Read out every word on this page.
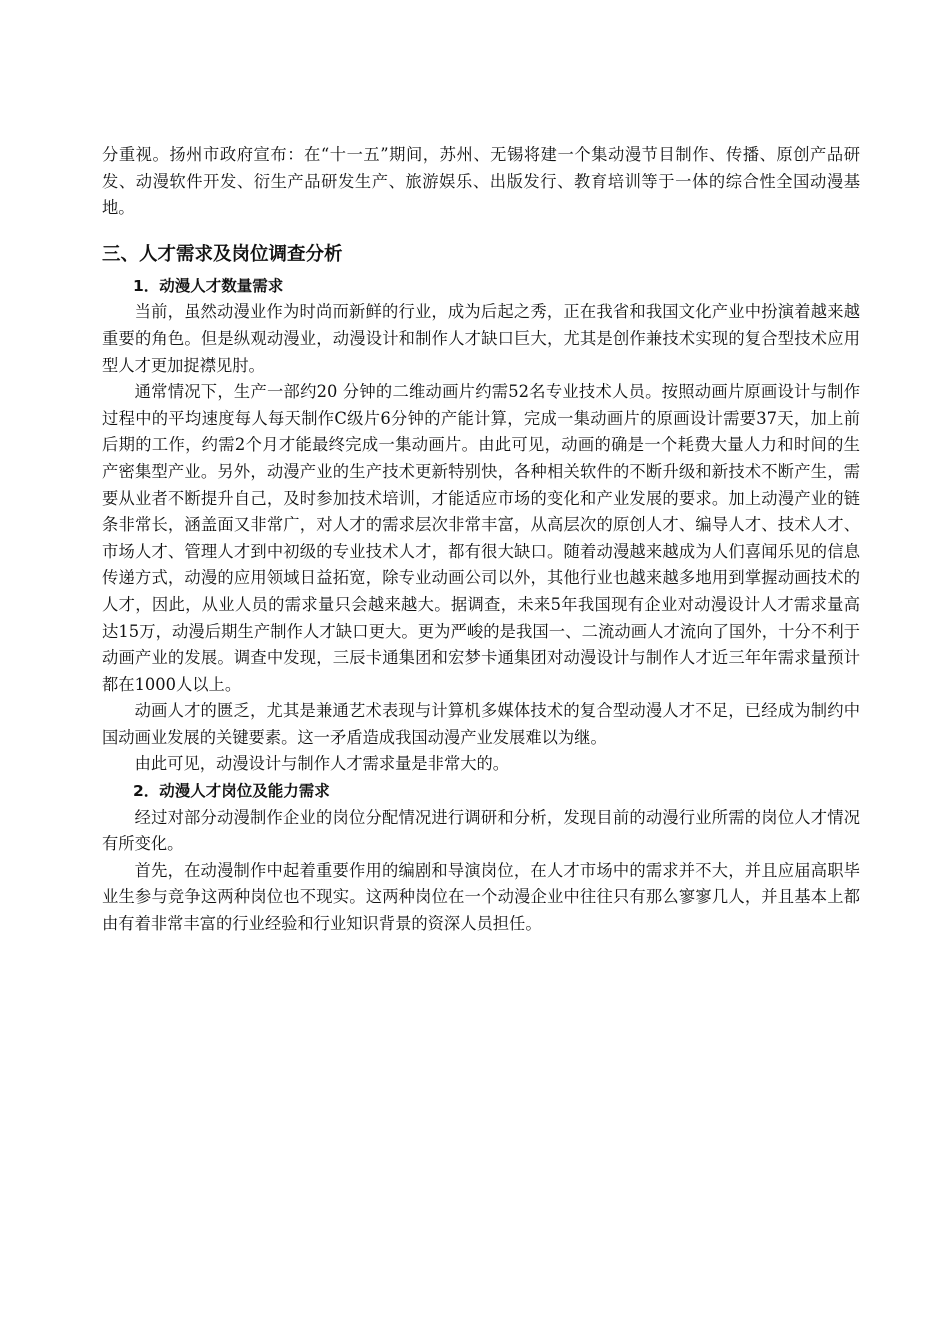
分重视。扬州市政府宣布：在“十一五”期间，苏州、无锡将建一个集动漫节目制作、传播、原创产品研发、动漫软件开发、衍生产品研发生产、旅游娱乐、出版发行、教育培训等于一体的综合性全国动漫基地。

三、人才需求及岗位调查分析
1．动漫人才数量需求

当前，虽然动漫业作为时尚而新鲜的行业，成为后起之秀，正在我省和我国文化产业中扮演着越来越重要的角色。但是纵观动漫业，动漫设计和制作人才缺口巨大，尤其是创作兼技术实现的复合型技术应用型人才更加捉襟见肘。

通常情况下，生产一部约20 分钟的二维动画片约需52名专业技术人员。按照动画片原画设计与制作过程中的平均速度每人每天制作C级片6分钟的产能计算，完成一集动画片的原画设计需要37天，加上前后期的工作，约需2个月才能最终完成一集动画片。由此可见，动画的确是一个耗费大量人力和时间的生产密集型产业。另外，动漫产业的生产技术更新特别快，各种相关软件的不断升级和新技术不断产生，需要从业者不断提升自己，及时参加技术培训，才能适应市场的变化和产业发展的要求。加上动漫产业的链条非常长，涵盖面又非常广，对人才的需求层次非常丰富，从高层次的原创人才、编导人才、技术人才、市场人才、管理人才到中初级的专业技术人才，都有很大缺口。随着动漫越来越成为人们喜闻乐见的信息传递方式，动漫的应用领域日益拓宽，除专业动画公司以外，其他行业也越来越多地用到掌握动画技术的人才，因此，从业人员的需求量只会越来越大。据调查，未来5年我国现有企业对动漫设计人才需求量高达15万，动漫后期生产制作人才缺口更大。更为严峻的是我国一、二流动画人才流向了国外，十分不利于动画产业的发展。调查中发现，三辰卡通集团和宏梦卡通集团对动漫设计与制作人才近三年年需求量预计都在1000人以上。

动画人才的匮乏，尤其是兼通艺术表现与计算机多媒体技术的复合型动漫人才不足，已经成为制约中国动画业发展的关键要素。这一矛盾造成我国动漫产业发展难以为继。

由此可见，动漫设计与制作人才需求量是非常大的。

2．动漫人才岗位及能力需求

经过对部分动漫制作企业的岗位分配情况进行调研和分析，发现目前的动漫行业所需的岗位人才情况有所变化。

首先，在动漫制作中起着重要作用的编剧和导演岗位，在人才市场中的需求并不大，并且应届高职毕业生参与竞争这两种岗位也不现实。这两种岗位在一个动漫企业中往往只有那么寥寥几人，并且基本上都由有着非常丰富的行业经验和行业知识背景的资深人员担任。
